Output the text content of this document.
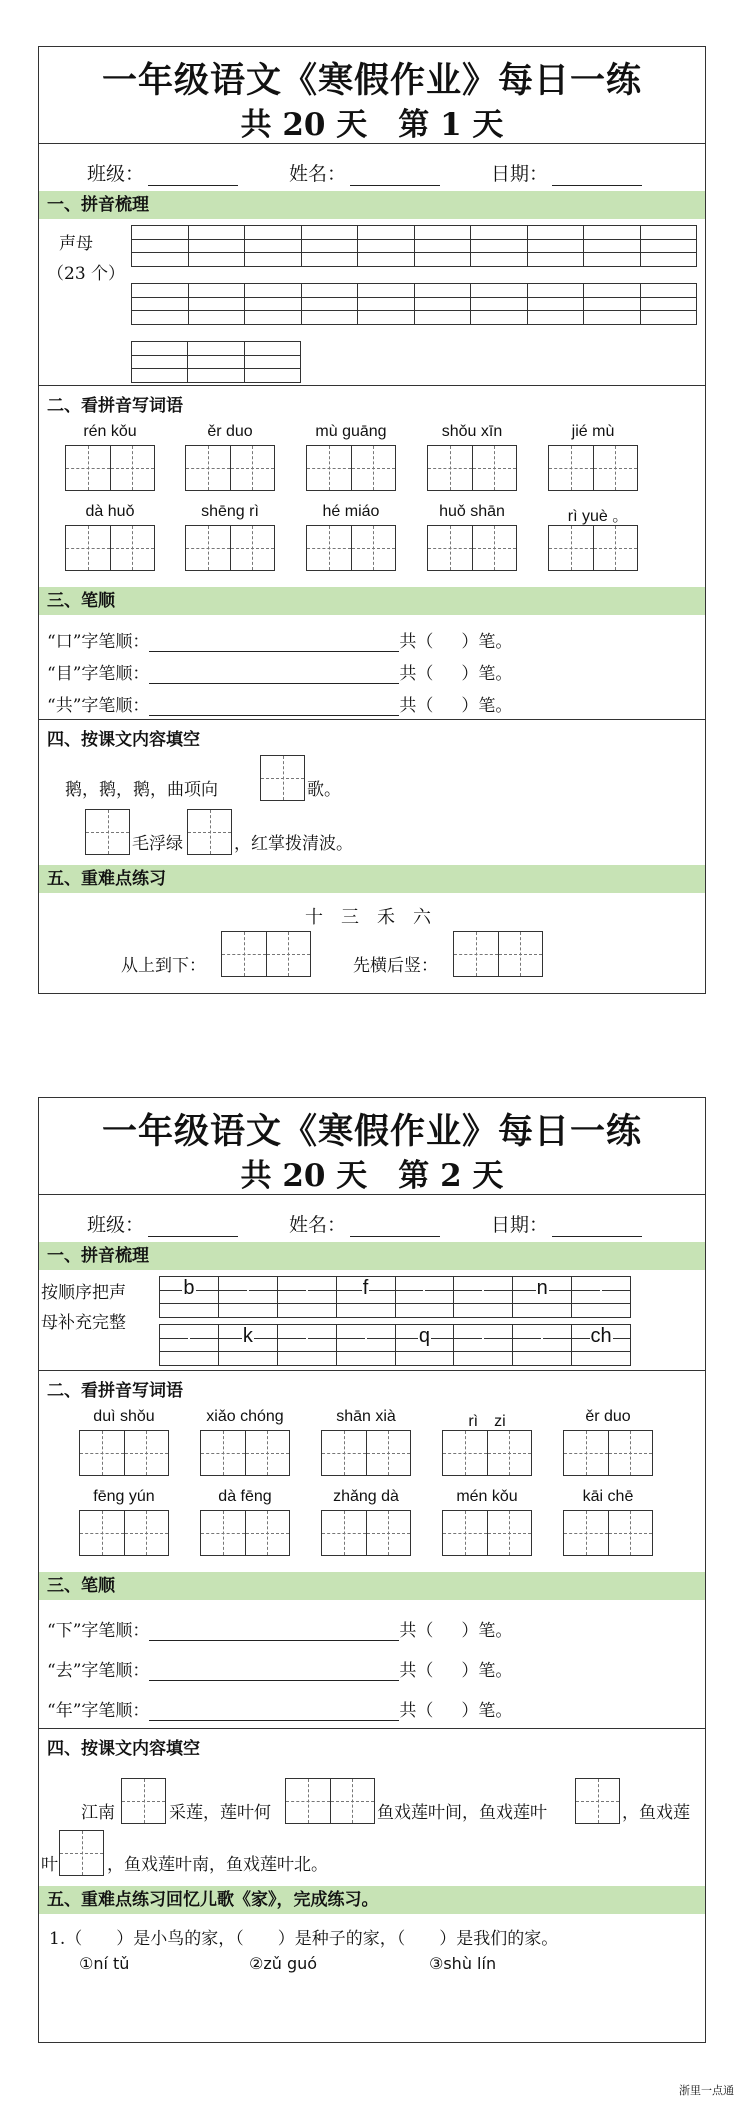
一年级语文《寒假作业》每日一练
共 20 天　第 1 天
班级：	姓名：	日期：
一、拼音梳理
声母
（23 个）
二、看拼音写词语
rén kǒu	ěr duo	mù guāng	shǒu xīn	jié mù
dà huǒ	shēng rì	hé miáo	huǒ shān	rì yuè 。
三、笔顺
“口”字笔顺：	共（ ）笔。
“目”字笔顺：	共（ ）笔。
“共”字笔顺：	共（ ）笔。
四、按课文内容填空
鹅，鹅，鹅，曲项向	歌。
毛浮绿	，红掌拨清波。
五、重难点练习
十　三　禾　六
从上到下：	先横后竖：
一年级语文《寒假作业》每日一练
共 20 天　第 2 天
班级：	姓名：	日期：
一、拼音梳理
按顺序把声
母补充完整
b	f	n
k	q	ch
二、看拼音写词语
duì shǒu	xiǎo chóng	shān xià	rì　zi	ěr duo
fēng yún	dà fēng	zhǎng dà	mén kǒu	kāi chē
三、笔顺
“下”字笔顺：	共（ ）笔。
“去”字笔顺：	共（ ）笔。
“年”字笔顺：	共（ ）笔。
四、按课文内容填空
江南	采莲，莲叶何	鱼戏莲叶间，鱼戏莲叶	，鱼戏莲
叶	，鱼戏莲叶南，鱼戏莲叶北。
五、重难点练习回忆儿歌《家》，完成练习。
1.（　　）是小鸟的家，（　　）是种子的家，（　　）是我们的家。
①ní tǔ	②zǔ guó	③shù lín
浙里一点通
